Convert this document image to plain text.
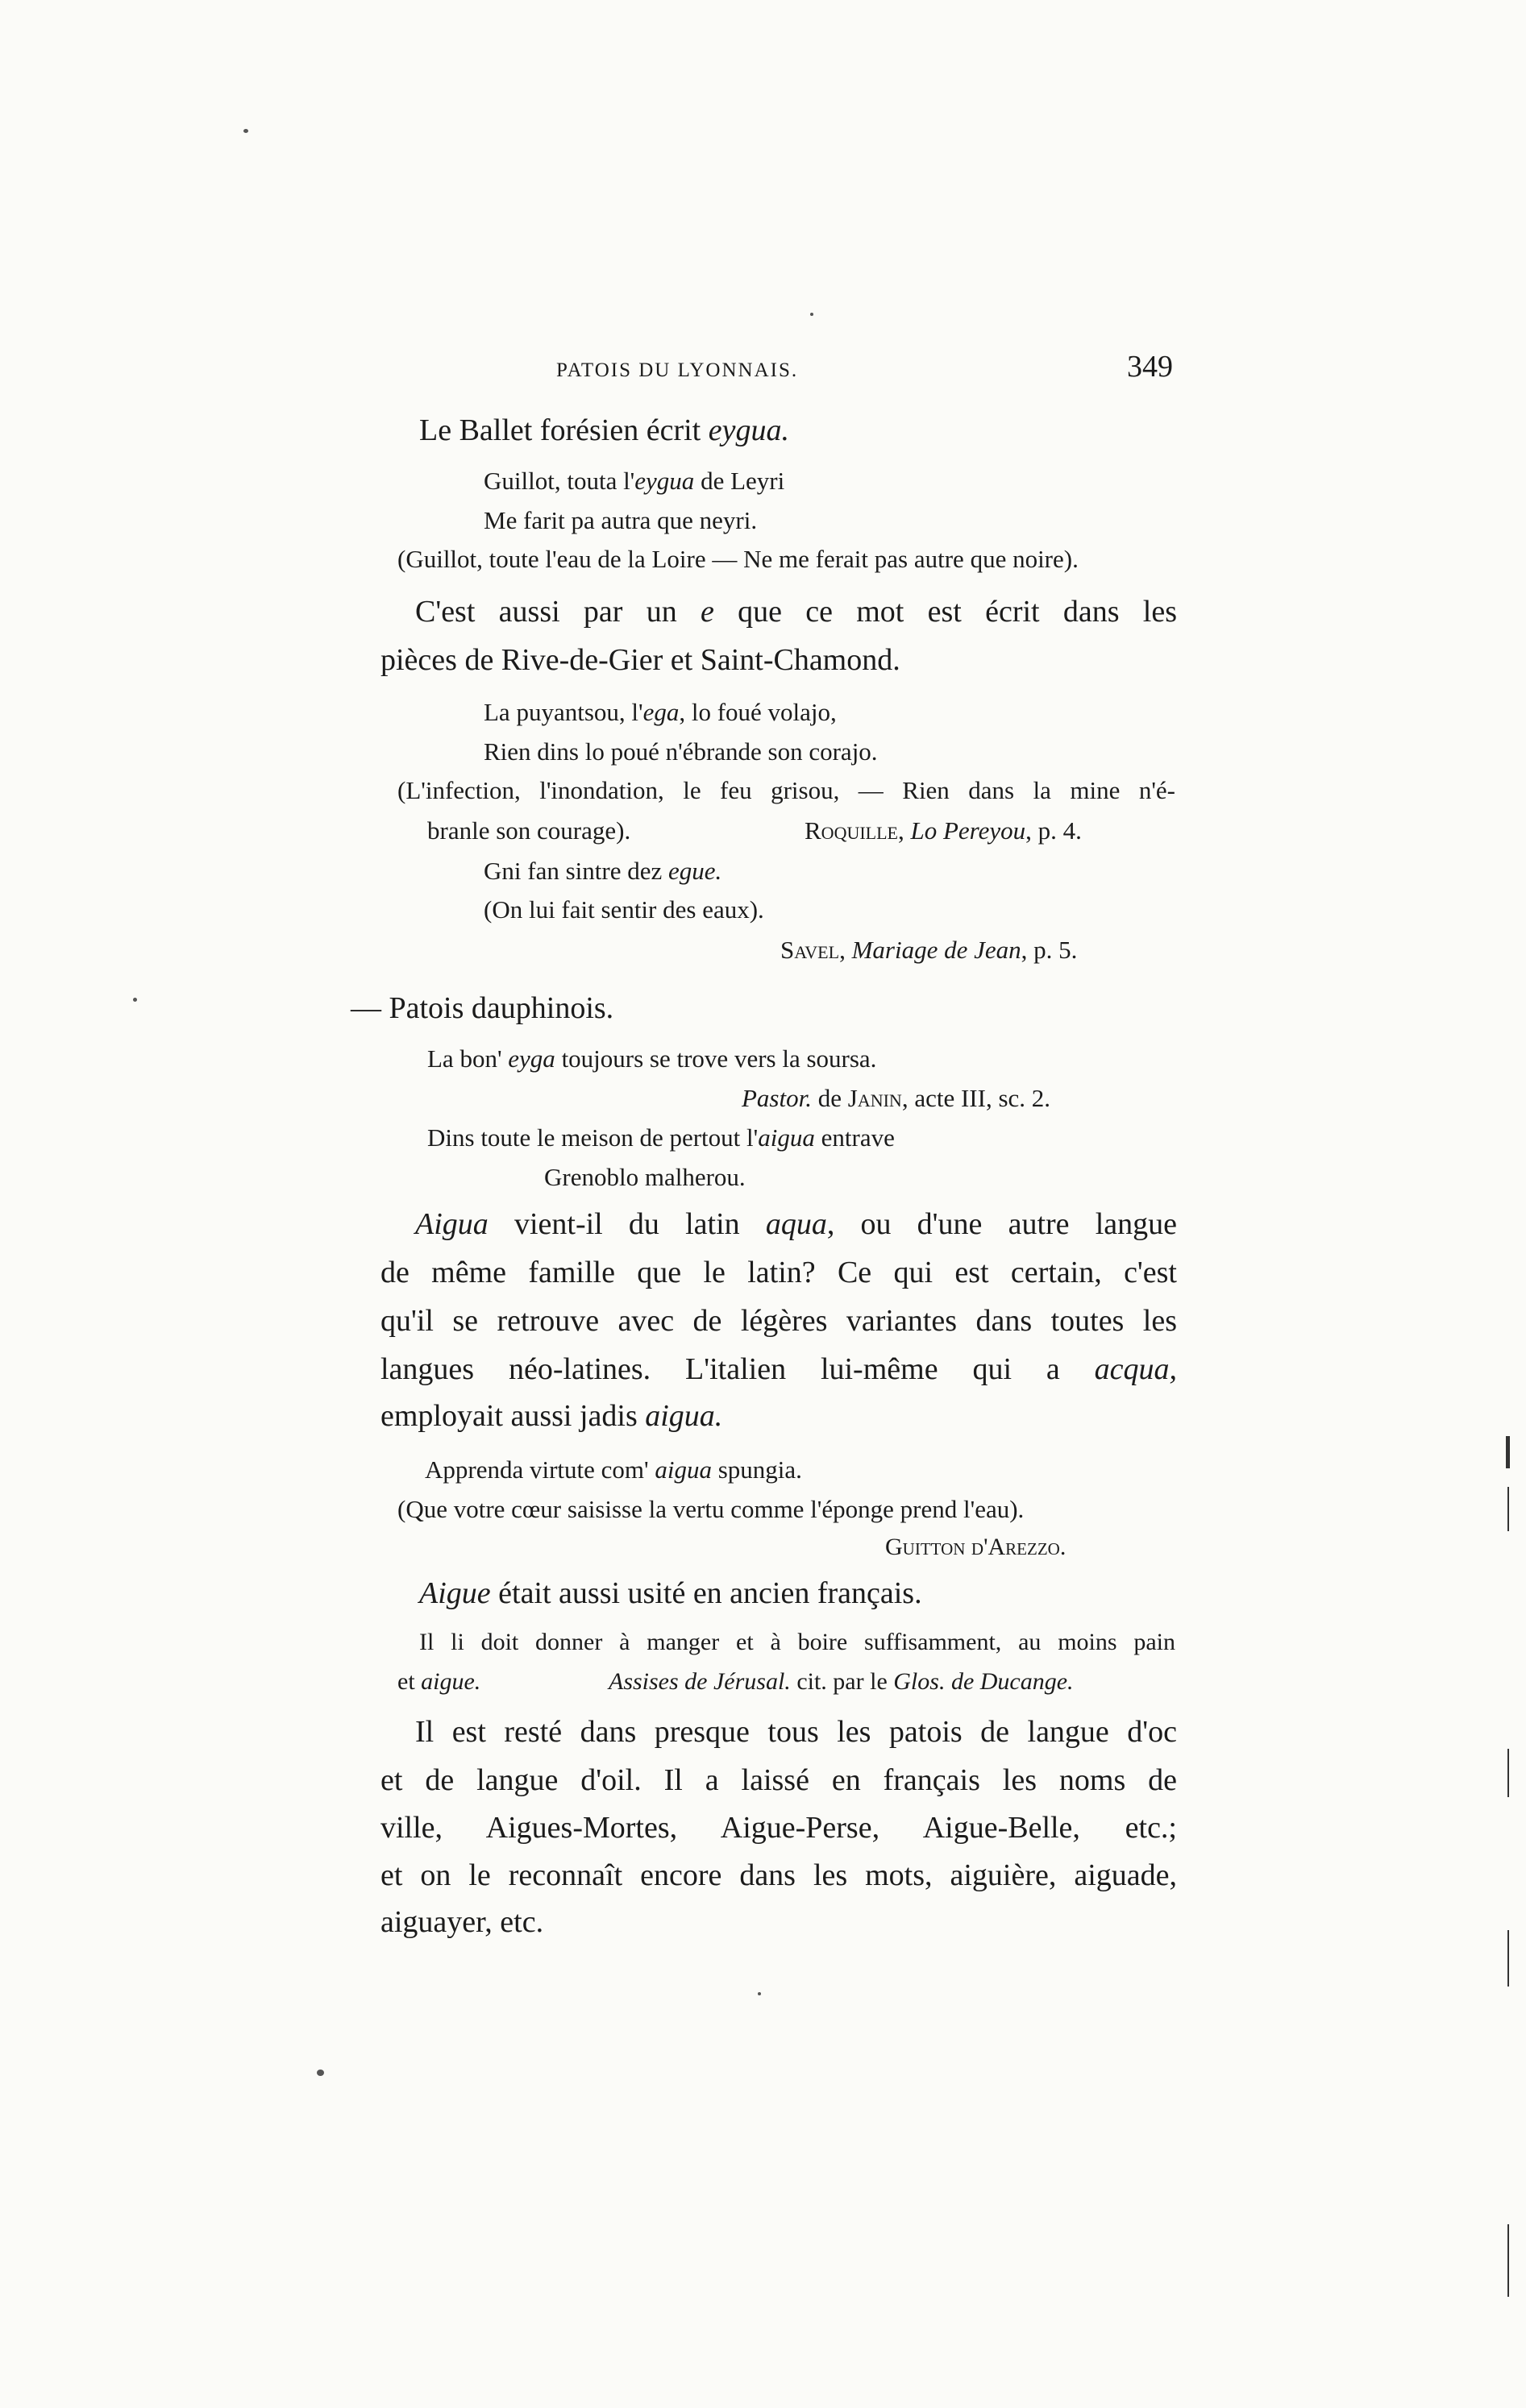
PATOIS DU LYONNAIS.	349
Le Ballet forésien écrit eygua.
Guillot, touta l'eygua de Leyri
Me farit pa autra que neyri.
(Guillot, toute l'eau de la Loire — Ne me ferait pas autre que noire).
C'est aussi par un e que ce mot est écrit dans les
pièces de Rive-de-Gier et Saint-Chamond.
La puyantsou, l'ega, lo foué volajo,
Rien dins lo poué n'ébrande son corajo.
(L'infection, l'inondation, le feu grisou, — Rien dans la mine n'é-
branle son courage).	Roquille, Lo Pereyou, p. 4.
Gni fan sintre dez egue.
(On lui fait sentir des eaux).
Savel, Mariage de Jean, p. 5.
— Patois dauphinois.
La bon' eyga toujours se trove vers la soursa.
Pastor. de Janin, acte III, sc. 2.
Dins toute le meison de pertout l'aigua entrave
Grenoblo malherou.
Aigua vient-il du latin aqua, ou d'une autre langue
de même famille que le latin? Ce qui est certain, c'est
qu'il se retrouve avec de légères variantes dans toutes les
langues néo-latines. L'italien lui-même qui a acqua,
employait aussi jadis aigua.
Apprenda virtute com' aigua spungia.
(Que votre cœur saisisse la vertu comme l'éponge prend l'eau).
Guitton d'Arezzo.
Aigue était aussi usité en ancien français.
Il li doit donner à manger et à boire suffisamment, au moins pain
et aigue.	Assises de Jérusal. cit. par le Glos. de Ducange.
Il est resté dans presque tous les patois de langue d'oc
et de langue d'oil. Il a laissé en français les noms de
ville, Aigues-Mortes, Aigue-Perse, Aigue-Belle, etc.;
et on le reconnaît encore dans les mots, aiguière, aiguade,
aiguayer, etc.
